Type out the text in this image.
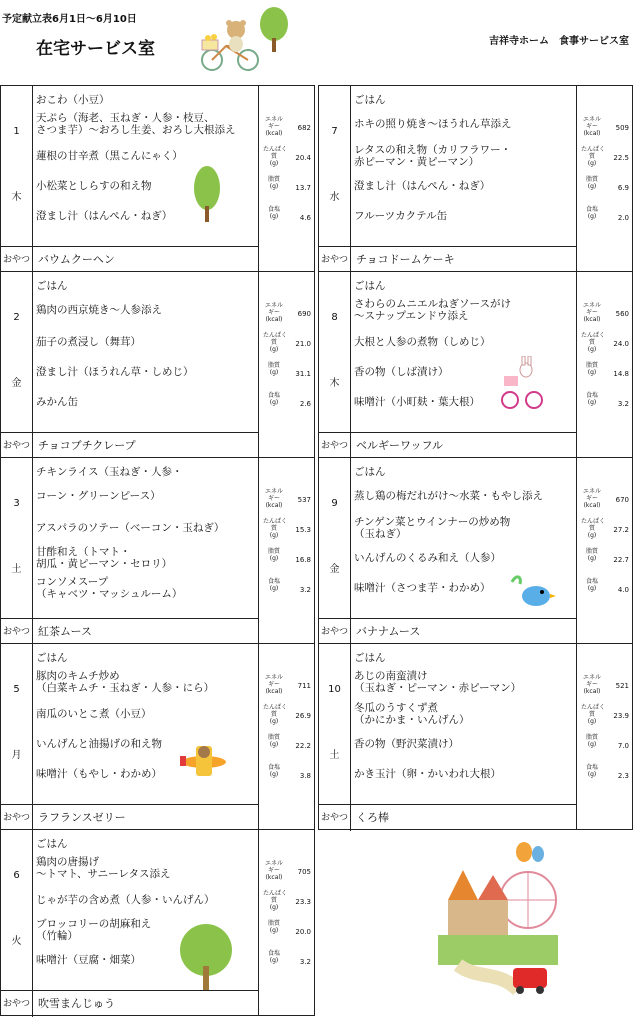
予定献立表6月1日～6月10日
在宅サービス室	吉祥寺ホーム　食事サービス室
1
木
おこわ（小豆）
天ぷら（海老、玉ねぎ・人参・枝豆、
さつま芋）～おろし生姜、おろし大根添え
蓮根の甘辛煮（黒こんにゃく）
小松菜としらすの和え物
澄まし汁（はんぺん・ねぎ）
エネル
ギー
(kcal)
682
たんぱく
質
(g)
20.4
脂質
(g)	13.7
食塩
(g)	4.6
おやつ バウムクーヘン
2
金
ごはん
鶏肉の西京焼き～人参添え
茄子の煮浸し（舞茸）
澄まし汁（ほうれん草・しめじ）
みかん缶
エネル
ギー
(kcal)
690
たんぱく
質
(g)
21.0
脂質
(g)	31.1
食塩
(g)	2.6
おやつ チョコブチクレープ
3
土
チキンライス（玉ねぎ・人参・
コーン・グリーンピース）
アスパラのソテー（ベーコン・玉ねぎ）
甘酢和え（トマト・
胡瓜・黄ピーマン・セロリ）
コンソメスープ
（キャベツ・マッシュルーム）
エネル
ギー
(kcal)
537
たんぱく
質
(g)
15.3
脂質
(g)	16.8
食塩
(g)	3.2
おやつ 紅茶ムース
5
月
ごはん
豚肉のキムチ炒め
（白菜キムチ・玉ねぎ・人参・にら）
南瓜のいとこ煮（小豆）
いんげんと油揚げの和え物
味噌汁（もやし・わかめ）
エネル
ギー
(kcal)
711
たんぱく
質
(g)
26.9
脂質
(g)	22.2
食塩
(g)	3.8
おやつ ラフランスゼリー
6
火
ごはん
鶏肉の唐揚げ
～トマト、サニーレタス添え
じゃが芋の含め煮（人参・いんげん）
ブロッコリーの胡麻和え
（竹輪）
味噌汁（豆腐・畑菜）
エネル
ギー
(kcal)
705
たんぱく
質
(g)
23.3
脂質
(g)	20.0
食塩
(g)	3.2
おやつ 吹雪まんじゅう
7
水
ごはん
ホキの照り焼き～ほうれん草添え
レタスの和え物（カリフラワー・
赤ピーマン・黄ピーマン）
澄まし汁（はんぺん・ねぎ）
フルーツカクテル缶
エネル
ギー
(kcal)
509
たんぱく
質
(g)
22.5
脂質
(g)	6.9
食塩
(g)	2.0
おやつ チョコドームケーキ
8
木
ごはん
さわらのムニエルねぎソースがけ
～スナップエンドウ添え
大根と人参の煮物（しめじ）
香の物（しば漬け）
味噌汁（小町麸・葉大根）
エネル
ギー
(kcal)
560
たんぱく
質
(g)
24.0
脂質
(g)	14.8
食塩
(g)	3.2
おやつ ベルギーワッフル
9
金
ごはん
蒸し鶏の梅だれがけ～水菜・もやし添え
チンゲン菜とウインナーの炒め物
（玉ねぎ）
いんげんのくるみ和え（人参）
味噌汁（さつま芋・わかめ）
エネル
ギー
(kcal)
670
たんぱく
質
(g)
27.2
脂質
(g)	22.7
食塩
(g)	4.0
おやつ バナナムース
10
土
ごはん
あじの南蛮漬け
（玉ねぎ・ピーマン・赤ピーマン）
冬瓜のうすくず煮
（かにかま・いんげん）
香の物（野沢菜漬け）
かき玉汁（卵・かいわれ大根）
エネル
ギー
(kcal)
521
たんぱく
質
(g)
23.9
脂質
(g)	7.0
食塩
(g)	2.3
おやつ くろ棒
